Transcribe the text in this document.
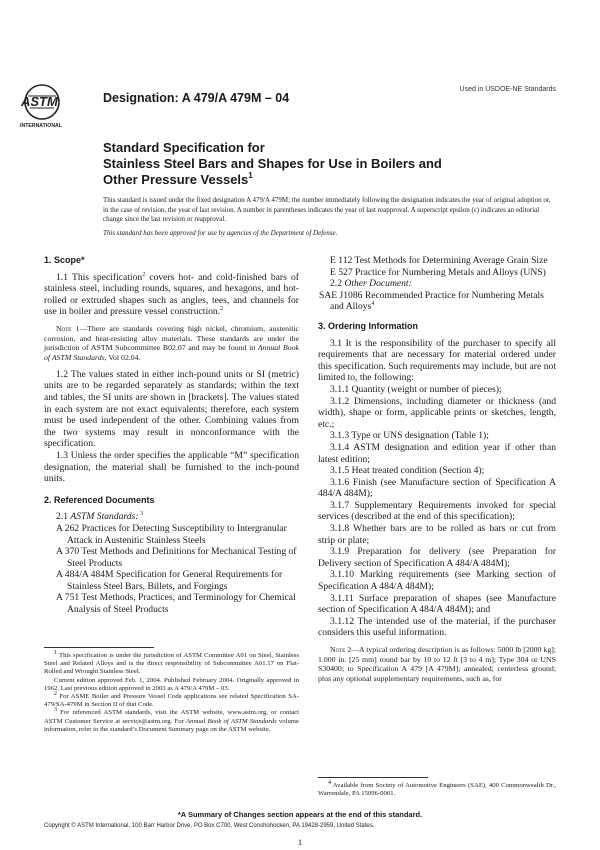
ASTM
INTERNATIONAL
Designation: A 479/A 479M – 04
Used in USDOE-NE Standards
Standard Specification for
Stainless Steel Bars and Shapes for Use in Boilers and
Other Pressure Vessels$^1$
This standard is issued under the fixed designation A 479/A 479M; the number immediately following the designation indicates the year of original adoption or, in the case of revision, the year of last revision. A number in parentheses indicates the year of last reapproval. A superscript epsilon (ε) indicates an editorial change since the last revision or reapproval.
This standard has been approved for use by agencies of the Department of Defense.
1. Scope*

1.1 This specification$^2$ covers hot- and cold-finished bars of stainless steel, including rounds, squares, and hexagons, and hot-rolled or extruded shapes such as angles, tees, and channels for use in boiler and pressure vessel construction.$^2$

Note 1—There are standards covering high nickel, chromium, austenitic corrosion, and heat-resisting alloy materials. These standards are under the jurisdiction of ASTM Subcommittee B02.07 and may be found in Annual Book of ASTM Standards, Vol 02.04.

1.2 The values stated in either inch-pound units or SI (metric) units are to be regarded separately as standards; within the text and tables, the SI units are shown in [brackets]. The values stated in each system are not exact equivalents; therefore, each system must be used independent of the other. Combining values from the two systems may result in nonconformance with the specification.

1.3 Unless the order specifies the applicable “M” specification designation, the material shall be furnished to the inch-pound units.

2. Referenced Documents

2.1 ASTM Standards: $^3$

A 262 Practices for Detecting Susceptibility to Intergranular Attack in Austenitic Stainless Steels

A 370 Test Methods and Definitions for Mechanical Testing of Steel Products

A 484/A 484M Specification for General Requirements for Stainless Steel Bars, Billets, and Forgings

A 751 Test Methods, Practices, and Terminology for Chemical Analysis of Steel Products

$^1$ This specification is under the jurisdiction of ASTM Committee A01 on Steel, Stainless Steel and Related Alloys and is the direct responsibility of Subcommittee A01.17 on Flat-Rolled and Wrought Stainless Steel.

Current edition approved Feb. 1, 2004. Published February 2004. Originally approved in 1962. Last previous edition approved in 2003 as A 479/A 479M – 03.

$^2$ For ASME Boiler and Pressure Vessel Code applications see related Specification SA-479/SA-479M in Section II of that Code.

$^3$ For referenced ASTM standards, visit the ASTM website, www.astm.org, or contact ASTM Customer Service at service@astm.org. For Annual Book of ASTM Standards volume information, refer to the standard’s Document Summary page on the ASTM website.

E 112 Test Methods for Determining Average Grain Size

E 527 Practice for Numbering Metals and Alloys (UNS)

2.2 Other Document:

SAE J1086 Recommended Practice for Numbering Metals and Alloys$^4$

3. Ordering Information

3.1 It is the responsibility of the purchaser to specify all requirements that are necessary for material ordered under this specification. Such requirements may include, but are not limited to, the following:

3.1.1 Quantity (weight or number of pieces);

3.1.2 Dimensions, including diameter or thickness (and width), shape or form, applicable prints or sketches, length, etc.;

3.1.3 Type or UNS designation (Table 1);

3.1.4 ASTM designation and edition year if other than latest edition;

3.1.5 Heat treated condition (Section 4);

3.1.6 Finish (see Manufacture section of Specification A 484/A 484M);

3.1.7 Supplementary Requirements invoked for special services (described at the end of this specification);

3.1.8 Whether bars are to be rolled as bars or cut from strip or plate;

3.1.9 Preparation for delivery (see Preparation for Delivery section of Specification A 484/A 484M);

3.1.10 Marking requirements (see Marking section of Specification A 484/A 484M);

3.1.11 Surface preparation of shapes (see Manufacture section of Specification A 484/A 484M); and

3.1.12 The intended use of the material, if the purchaser considers this useful information.

Note 2—A typical ordering description is as follows: 5000 lb [2000 kg]; 1.000 in. [25 mm] round bar by 10 to 12 ft [3 to 4 m]; Type 304 or UNS S30400; to Specification A 479 [A 479M]; annealed; centerless ground; plus any optional supplementary requirements, such as, for

$^4$ Available from Society of Automotive Engineers (SAE), 400 Commonwealth Dr., Warrendale, PA 15096-0001.

*A Summary of Changes section appears at the end of this standard.
Copyright © ASTM International, 100 Barr Harbor Drive, PO Box C700, West Conshohocken, PA 19428-2959, United States.
1
